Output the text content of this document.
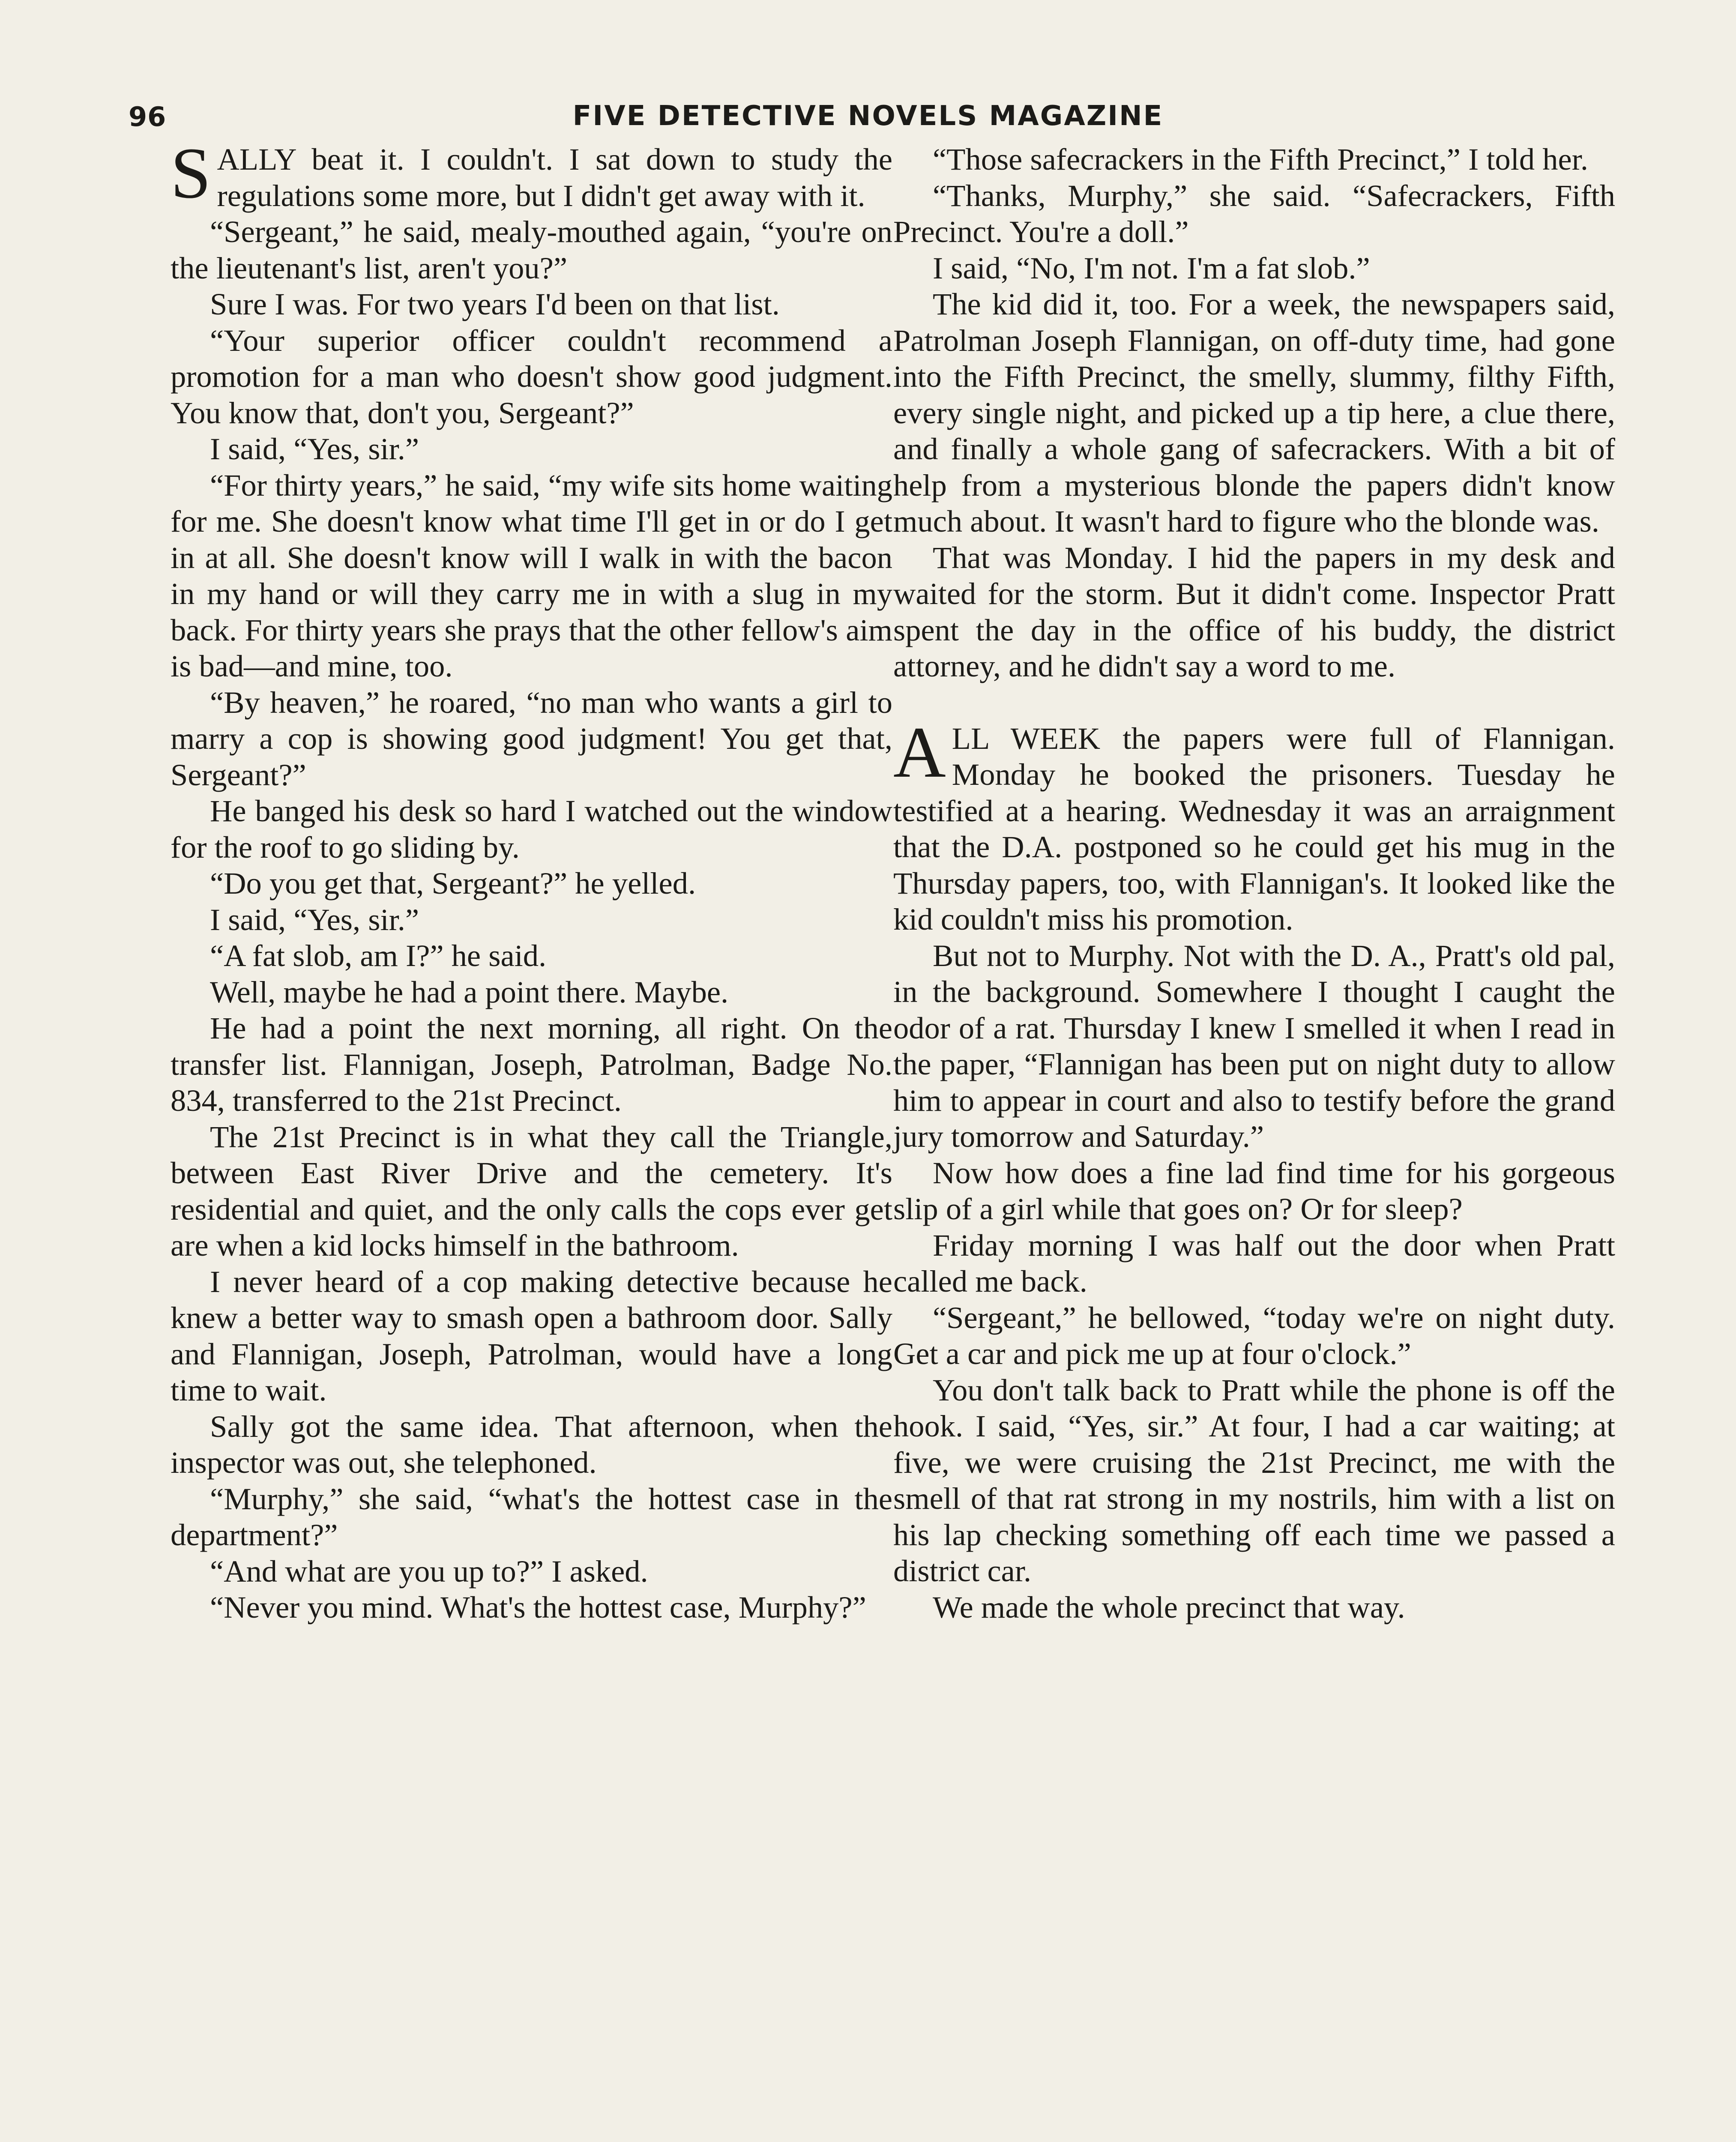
96	FIVE DETECTIVE NOVELS MAGAZINE

SALLY beat it. I couldn't. I sat down to study the regulations some more, but I didn't get away with it.

“Sergeant,” he said, mealy-mouthed again, “you're on the lieutenant's list, aren't you?”

Sure I was. For two years I'd been on that list.

“Your superior officer couldn't recommend a promotion for a man who doesn't show good judgment. You know that, don't you, Sergeant?”

I said, “Yes, sir.”

“For thirty years,” he said, “my wife sits home waiting for me. She doesn't know what time I'll get in or do I get in at all. She doesn't know will I walk in with the bacon in my hand or will they carry me in with a slug in my back. For thirty years she prays that the other fellow's aim is bad—and mine, too.

“By heaven,” he roared, “no man who wants a girl to marry a cop is showing good judgment! You get that, Sergeant?”

He banged his desk so hard I watched out the window for the roof to go sliding by.

“Do you get that, Sergeant?” he yelled.

I said, “Yes, sir.”

“A fat slob, am I?” he said.

Well, maybe he had a point there. Maybe.

He had a point the next morning, all right. On the transfer list. Flannigan, Joseph, Patrolman, Badge No. 834, transferred to the 21st Precinct.

The 21st Precinct is in what they call the Triangle, between East River Drive and the cemetery. It's residential and quiet, and the only calls the cops ever get are when a kid locks himself in the bathroom.

I never heard of a cop making detective because he knew a better way to smash open a bathroom door. Sally and Flannigan, Joseph, Patrolman, would have a long time to wait.

Sally got the same idea. That afternoon, when the inspector was out, she telephoned.

“Murphy,” she said, “what's the hottest case in the department?”

“And what are you up to?” I asked.

“Never you mind. What's the hottest case, Murphy?”

“Those safecrackers in the Fifth Precinct,” I told her.

“Thanks, Murphy,” she said. “Safecrackers, Fifth Precinct. You're a doll.”

I said, “No, I'm not. I'm a fat slob.”

The kid did it, too. For a week, the newspapers said, Patrolman Joseph Flannigan, on off-duty time, had gone into the Fifth Precinct, the smelly, slummy, filthy Fifth, every single night, and picked up a tip here, a clue there, and finally a whole gang of safecrackers. With a bit of help from a mysterious blonde the papers didn't know much about. It wasn't hard to figure who the blonde was.

That was Monday. I hid the papers in my desk and waited for the storm. But it didn't come. Inspector Pratt spent the day in the office of his buddy, the district attorney, and he didn't say a word to me.

ALL WEEK the papers were full of Flannigan. Monday he booked the prisoners. Tuesday he testified at a hearing. Wednesday it was an arraignment that the D.A. postponed so he could get his mug in the Thursday papers, too, with Flannigan's. It looked like the kid couldn't miss his promotion.

But not to Murphy. Not with the D. A., Pratt's old pal, in the background. Somewhere I thought I caught the odor of a rat. Thursday I knew I smelled it when I read in the paper, “Flannigan has been put on night duty to allow him to appear in court and also to testify before the grand jury tomorrow and Saturday.”

Now how does a fine lad find time for his gorgeous slip of a girl while that goes on? Or for sleep?

Friday morning I was half out the door when Pratt called me back.

“Sergeant,” he bellowed, “today we're on night duty. Get a car and pick me up at four o'clock.”

You don't talk back to Pratt while the phone is off the hook. I said, “Yes, sir.” At four, I had a car waiting; at five, we were cruising the 21st Precinct, me with the smell of that rat strong in my nostrils, him with a list on his lap checking something off each time we passed a district car.

We made the whole precinct that way.
